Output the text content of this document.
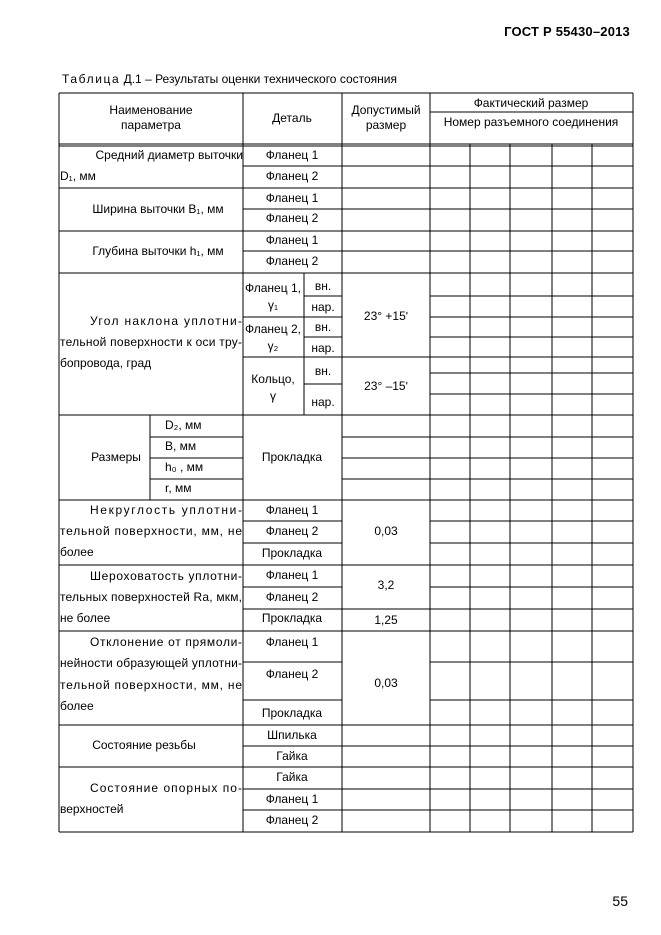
ГОСТ Р 55430–2013
Таблица Д.1 – Результаты оценки технического состояния
Наименование
параметра	Деталь
Допустимый
размер
Фактический размер
Номер разъемного соединения
Средний диаметр выточки
D₁, мм
Фланец 1
Фланец 2
Ширина выточки B₁, мм
Фланец 1
Фланец 2
Глубина выточки h₁, мм
Фланец 1
Фланец 2
Угол наклона уплотни-
тельной поверхности к оси тру-
бопровода, град
Фланец 1,
γ₁
Фланец 2,
γ₂
Кольцо,
γ
вн.
нар.
вн.
нар.
вн.
нар.
23° +15ʹ
23° –15ʹ
Размеры
D₂, мм
B, мм
h₀ , мм
r, мм
Прокладка
Некруглость уплотни-
тельной поверхности, мм, не
более
Фланец 1
Фланец 2
Прокладка
0,03
Шероховатость уплотни-
тельных поверхностей Ra, мкм,
не более
Фланец 1
Фланец 2
Прокладка
3,2
1,25
Отклонение от прямоли-
нейности образующей уплотни-
тельной поверхности, мм, не
более
Фланец 1
Фланец 2
Прокладка
0,03
Состояние резьбы
Шпилька
Гайка
Состояние опорных по-
верхностей
Гайка
Фланец 1
Фланец 2
55
